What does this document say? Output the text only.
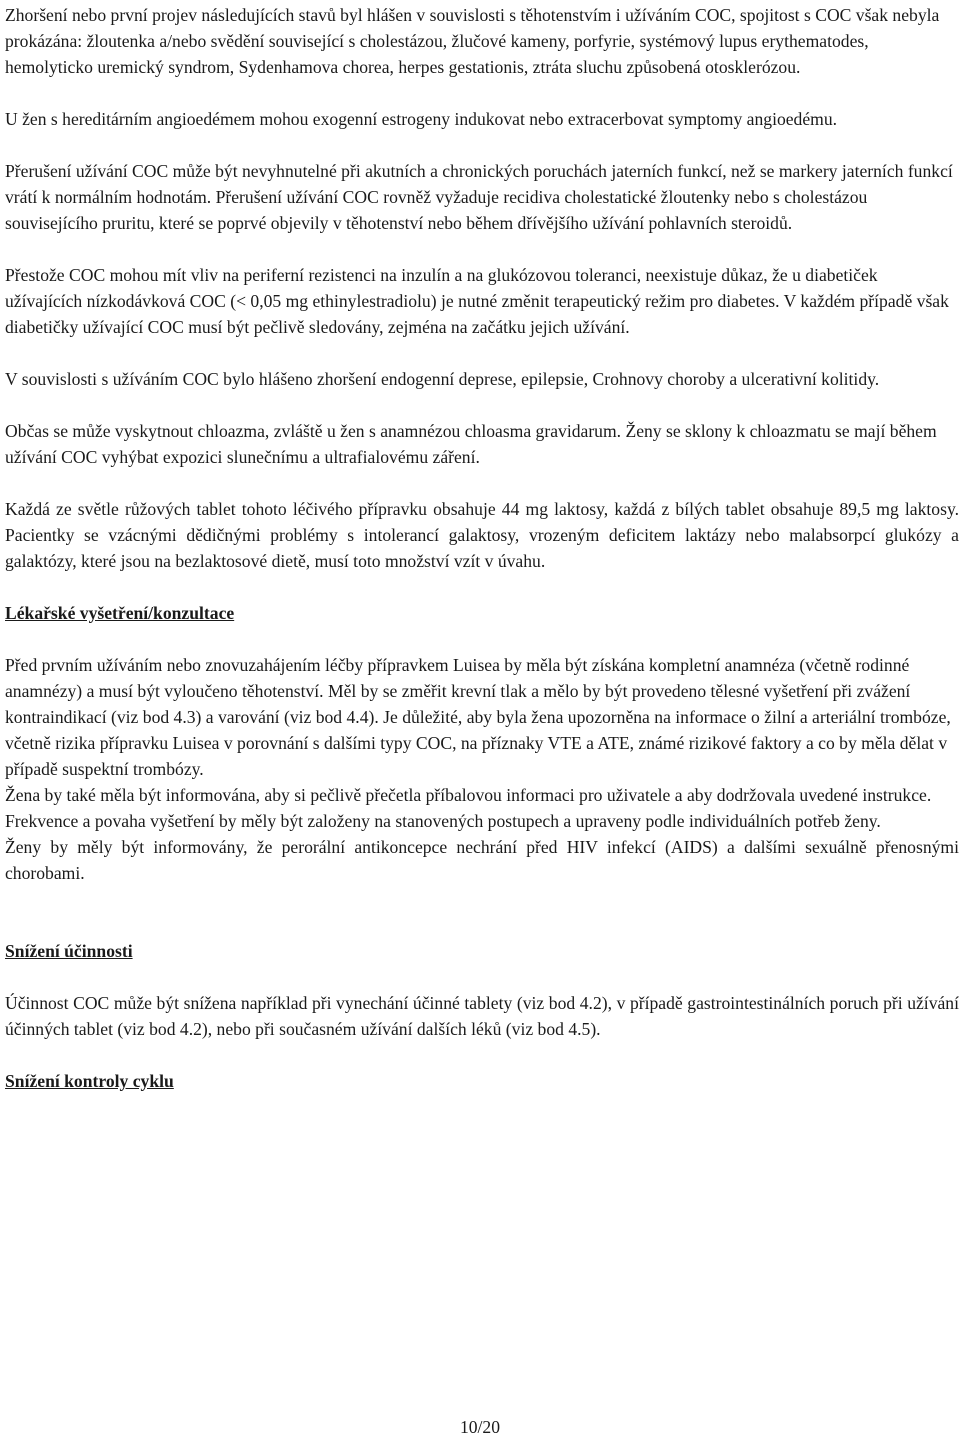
Zhoršení nebo první projev následujících stavů byl hlášen v souvislosti s těhotenstvím i užíváním COC, spojitost s COC však nebyla prokázána: žloutenka a/nebo svědění související s cholestázou, žlučové kameny, porfyrie, systémový lupus erythematodes, hemolyticko uremický syndrom, Sydenhamova chorea, herpes gestationis, ztráta sluchu způsobená otosklerózou.

U žen s hereditárním angioedémem mohou exogenní estrogeny indukovat nebo extracerbovat symptomy angioedému.

Přerušení užívání COC může být nevyhnutelné při akutních a chronických poruchách jaterních funkcí, než se markery jaterních funkcí vrátí k normálním hodnotám. Přerušení užívání COC rovněž vyžaduje recidiva cholestatické žloutenky nebo s cholestázou souvisejícího pruritu, které se poprvé objevily v těhotenství nebo během dřívějšího užívání pohlavních steroidů.

Přestože COC mohou mít vliv na periferní rezistenci na inzulín a na glukózovou toleranci, neexistuje důkaz, že u diabetiček užívajících nízkodávková COC (< 0,05 mg ethinylestradiolu) je nutné změnit terapeutický režim pro diabetes. V každém případě však diabetičky užívající COC musí být pečlivě sledovány, zejména na začátku jejich užívání.

V souvislosti s užíváním COC bylo hlášeno zhoršení endogenní deprese, epilepsie, Crohnovy choroby a ulcerativní kolitidy.

Občas se může vyskytnout chloazma, zvláště u žen s anamnézou chloasma gravidarum. Ženy se sklony k chloazmatu se mají během užívání COC vyhýbat expozici slunečnímu a ultrafialovému záření.

Každá ze světle růžových tablet tohoto léčivého přípravku obsahuje 44 mg laktosy, každá z bílých tablet obsahuje 89,5 mg laktosy. Pacientky se vzácnými dědičnými problémy s intolerancí galaktosy, vrozeným deficitem laktázy nebo malabsorpcí glukózy a galaktózy, které jsou na bezlaktosové dietě, musí toto množství vzít v úvahu.

Lékařské vyšetření/konzultace

Před prvním užíváním nebo znovuzahájením léčby přípravkem Luisea by měla být získána kompletní anamnéza (včetně rodinné anamnézy) a musí být vyloučeno těhotenství. Měl by se změřit krevní tlak a mělo by být provedeno tělesné vyšetření při zvážení kontraindikací (viz bod 4.3) a varování (viz bod 4.4). Je důležité, aby byla žena upozorněna na informace o žilní a arteriální trombóze, včetně rizika přípravku Luisea v porovnání s dalšími typy COC, na příznaky VTE a ATE, známé rizikové faktory a co by měla dělat v případě suspektní trombózy.

Žena by také měla být informována, aby si pečlivě přečetla příbalovou informaci pro uživatele a aby dodržovala uvedené instrukce. Frekvence a povaha vyšetření by měly být založeny na stanovených postupech a upraveny podle individuálních potřeb ženy.

Ženy by měly být informovány, že perorální antikoncepce nechrání před HIV infekcí (AIDS) a dalšími sexuálně přenosnými chorobami.

Snížení účinnosti

Účinnost COC může být snížena například při vynechání účinné tablety (viz bod 4.2), v případě gastrointestinálních poruch při užívání účinných tablet (viz bod 4.2), nebo při současném užívání dalších léků (viz bod 4.5).

Snížení kontroly cyklu
10/20
